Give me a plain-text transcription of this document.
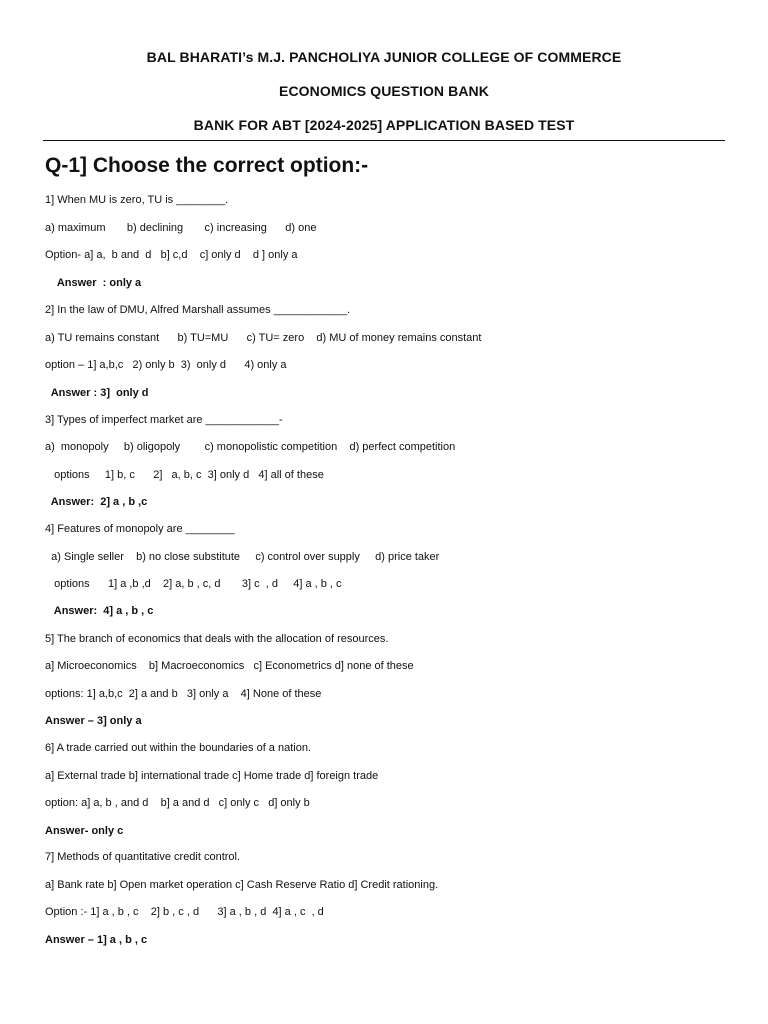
BAL BHARATI’s M.J. PANCHOLIYA JUNIOR COLLEGE OF COMMERCE
ECONOMICS QUESTION BANK
BANK FOR ABT [2024-2025] APPLICATION BASED TEST
Q-1] Choose the correct option:-
1] When MU is zero, TU is ________.
a) maximum       b) declining       c) increasing      d) one
Option- a] a,  b and  d   b] c,d    c] only d    d ] only a
Answer  : only a
2] In the law of DMU, Alfred Marshall assumes ____________.
a) TU remains constant      b) TU=MU      c) TU= zero    d) MU of money remains constant
option – 1] a,b,c   2) only b  3)  only d      4) only a
Answer : 3]  only d
3] Types of imperfect market are ____________-
a)  monopoly     b) oligopoly        c) monopolistic competition    d) perfect competition
options     1] b, c      2]   a, b, c  3] only d   4] all of these
Answer:  2] a , b ,c
4] Features of monopoly are ________
a) Single seller    b) no close substitute     c) control over supply     d) price taker
options      1] a ,b ,d    2] a, b , c, d       3] c  , d     4] a , b , c
Answer:  4] a , b , c
5] The branch of economics that deals with the allocation of resources.
a] Microeconomics    b] Macroeconomics   c] Econometrics d] none of these
options: 1] a,b,c  2] a and b   3] only a    4] None of these
Answer – 3] only a
6] A trade carried out within the boundaries of a nation.
a] External trade b] international trade c] Home trade d] foreign trade
option: a] a, b , and d    b] a and d   c] only c   d] only b
Answer- only c
7] Methods of quantitative credit control.
a] Bank rate b] Open market operation c] Cash Reserve Ratio d] Credit rationing.
Option :- 1] a , b , c    2] b , c , d      3] a , b , d  4] a , c  , d
Answer – 1] a , b , c
